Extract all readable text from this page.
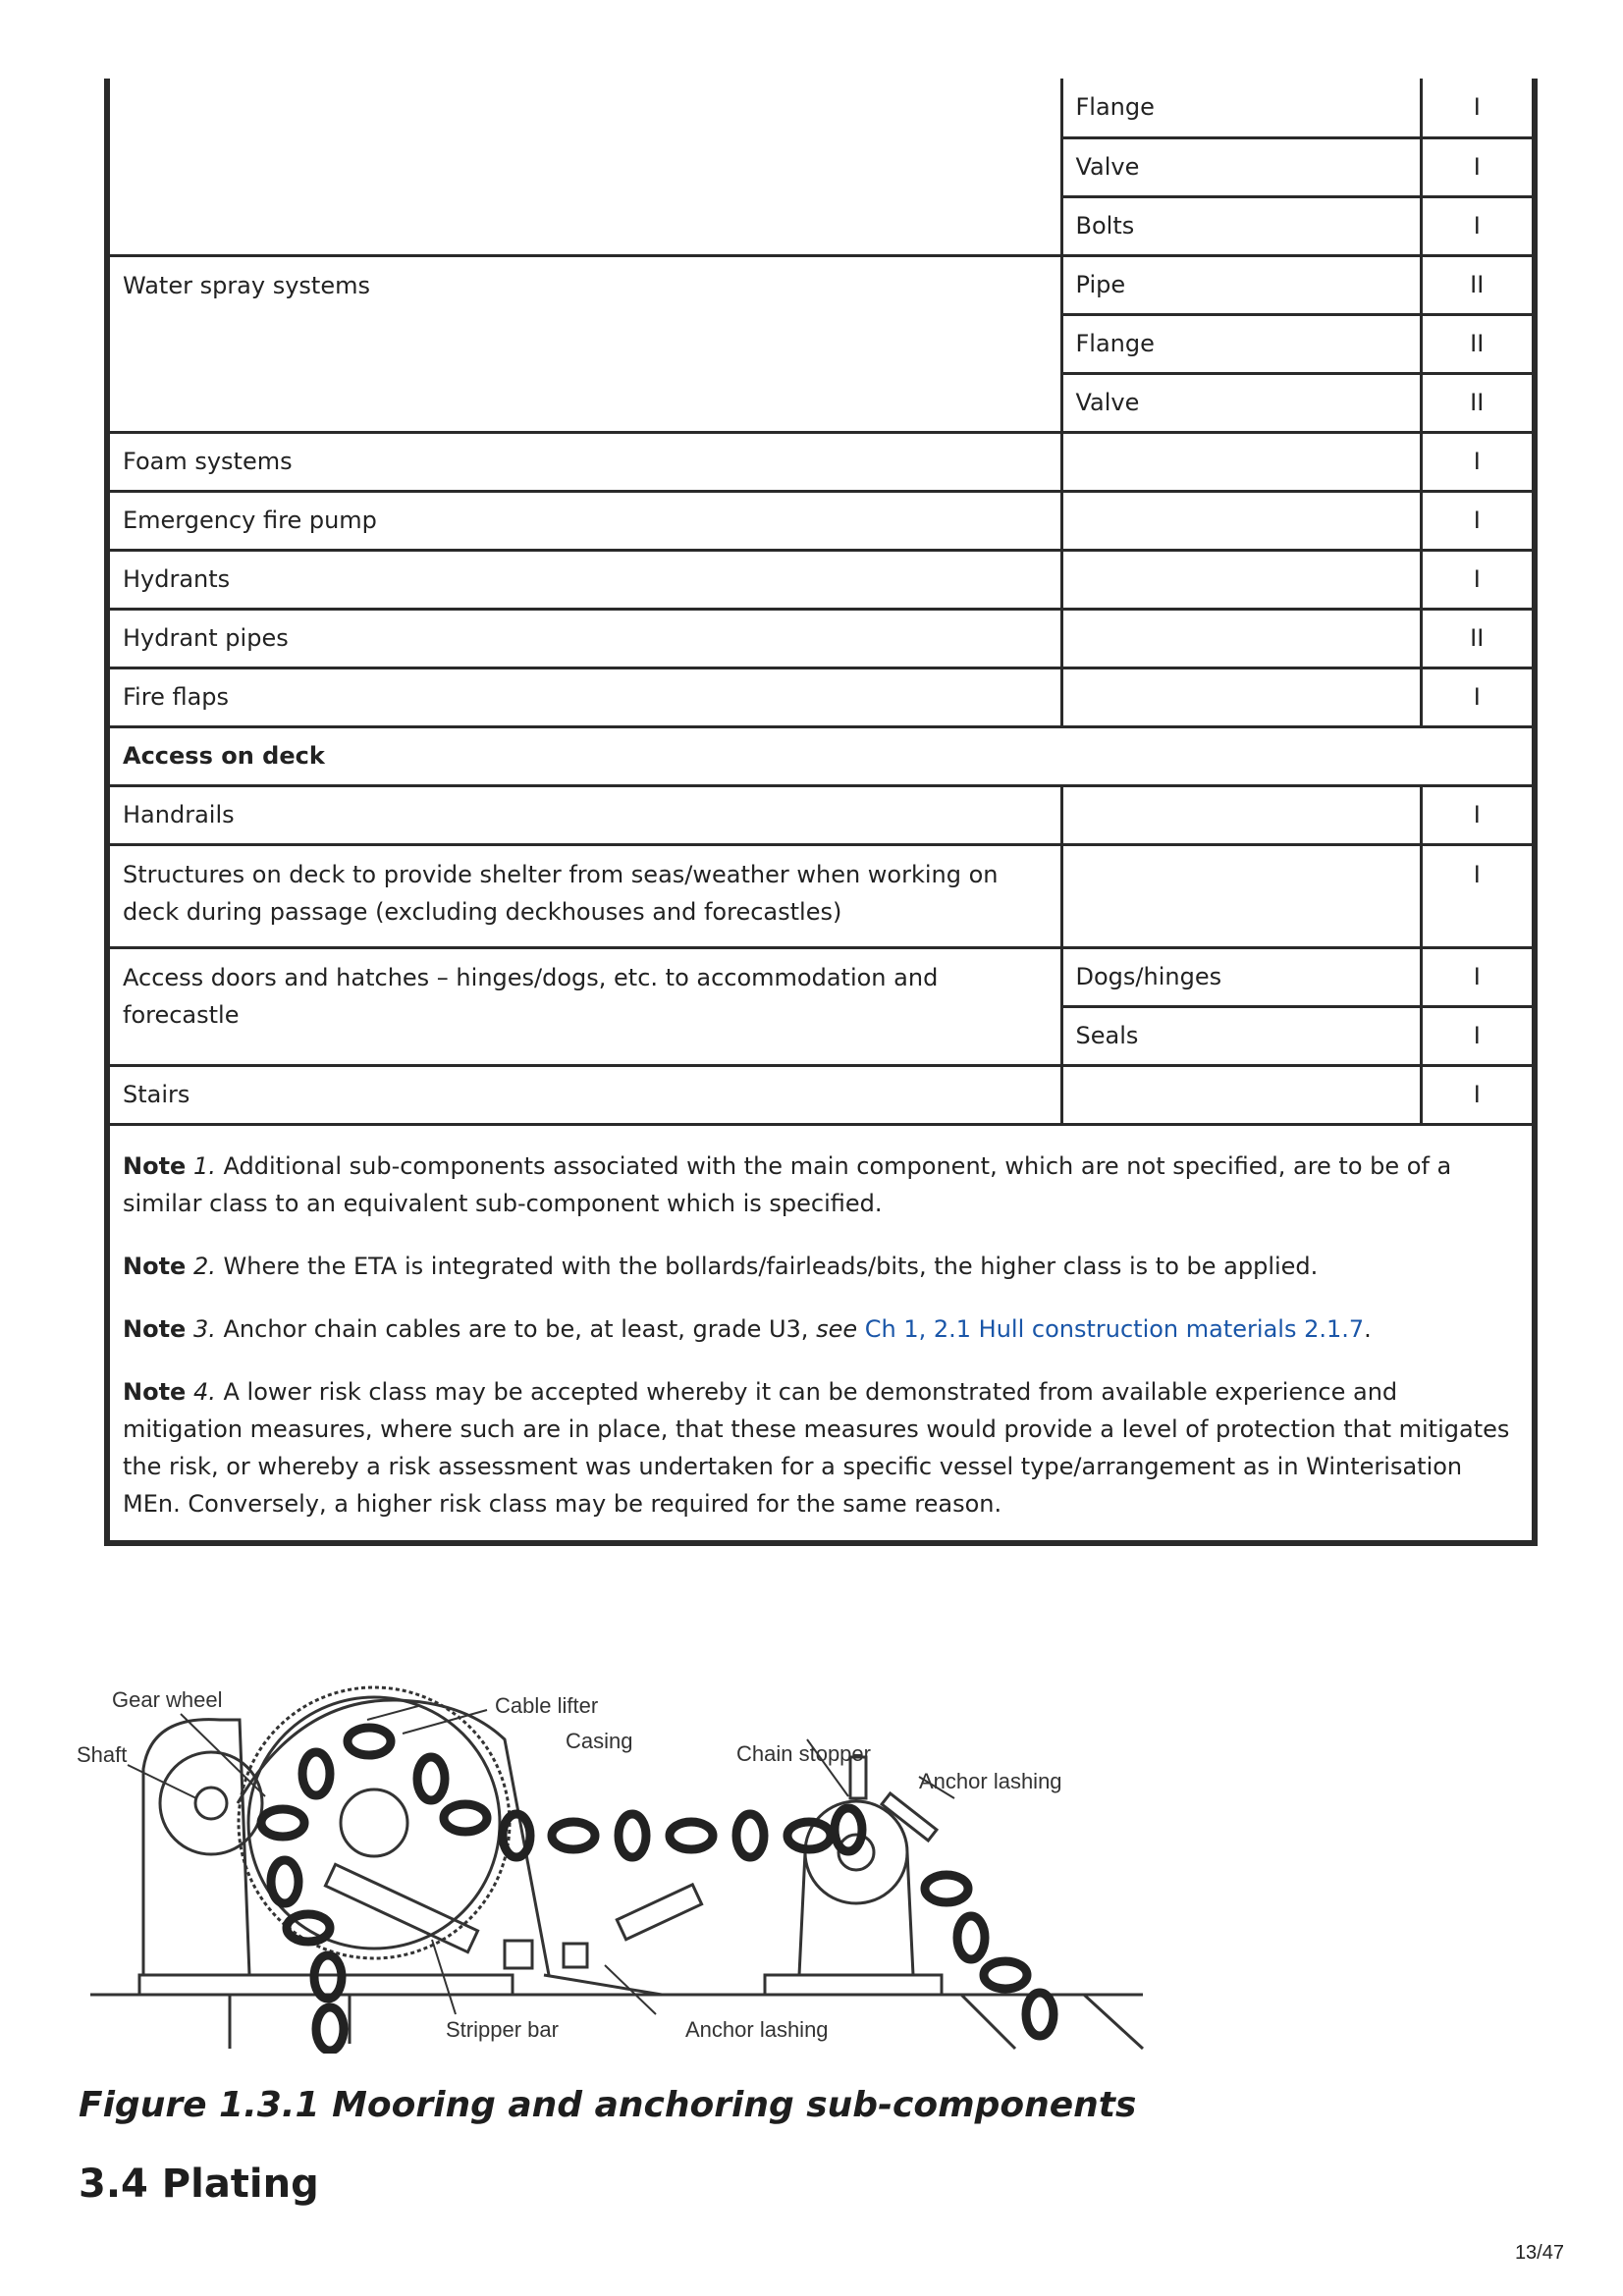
	Flange	I
	Valve	I
	Bolts	I
Water spray systems	Pipe	II
	Flange	II
	Valve	II
Foam systems		I
Emergency fire pump		I
Hydrants		I
Hydrant pipes		II
Fire flaps		I
Access on deck		
Handrails		I
Structures on deck to provide shelter from seas/weather when working on deck during passage (excluding deckhouses and forecastles)		I
Access doors and hatches – hinges/dogs, etc. to accommodation and forecastle	Dogs/hinges	I
	Seals	I
Stairs		I

Note 1. Additional sub-components associated with the main component, which are not specified, are to be of a similar class to an equivalent sub-component which is specified.

Note 2. Where the ETA is integrated with the bollards/fairleads/bits, the higher class is to be applied.

Note 3. Anchor chain cables are to be, at least, grade U3, see Ch 1, 2.1 Hull construction materials 2.1.7.

Note 4. A lower risk class may be accepted whereby it can be demonstrated from available experience and mitigation measures, where such are in place, that these measures would provide a level of protection that mitigates the risk, or whereby a risk assessment was undertaken for a specific vessel type/arrangement as in Winterisation MEn. Conversely, a higher risk class may be required for the same reason.		

Gear wheel	Cable lifter
Casing
Shaft	Chain stopper
Anchor lashing
Stripper bar	Anchor lashing
Figure 1.3.1 Mooring and anchoring sub-components
3.4 Plating
13/47
